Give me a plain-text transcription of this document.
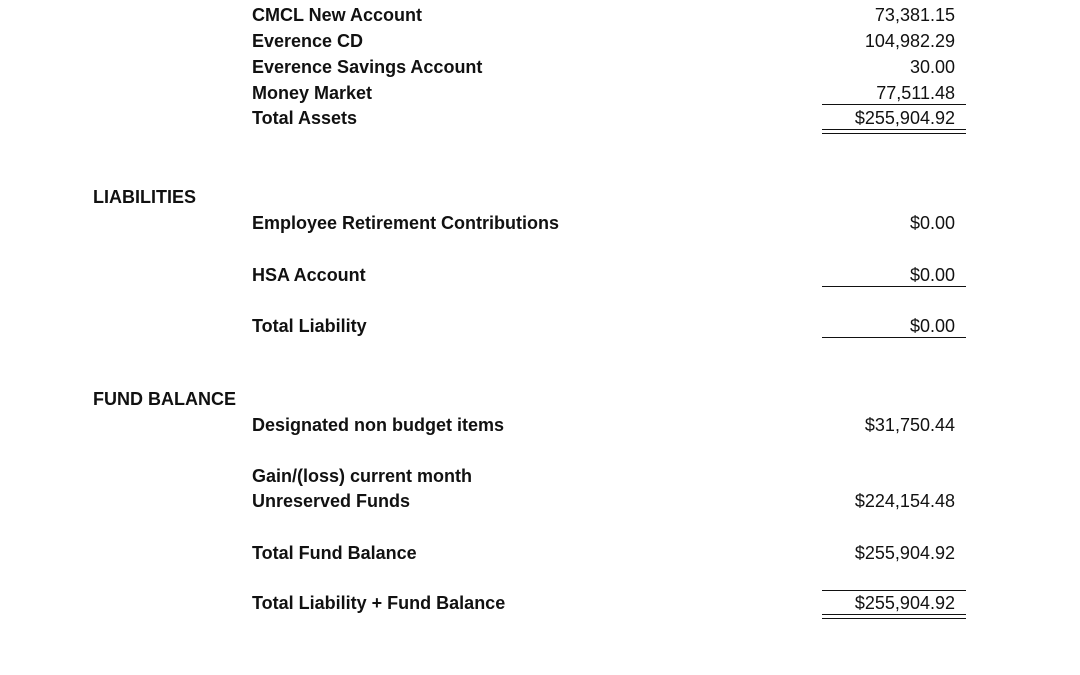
CMCL New Account	73,381.15
Everence CD	104,982.29
Everence Savings Account	30.00
Money Market	77,511.48
Total Assets	$255,904.92
LIABILITIES
Employee Retirement Contributions	$0.00
HSA Account	$0.00
Total Liability	$0.00
FUND BALANCE
Designated non budget items	$31,750.44
Gain/(loss) current month
Unreserved Funds	$224,154.48
Total Fund Balance	$255,904.92
Total Liability + Fund Balance	$255,904.92
